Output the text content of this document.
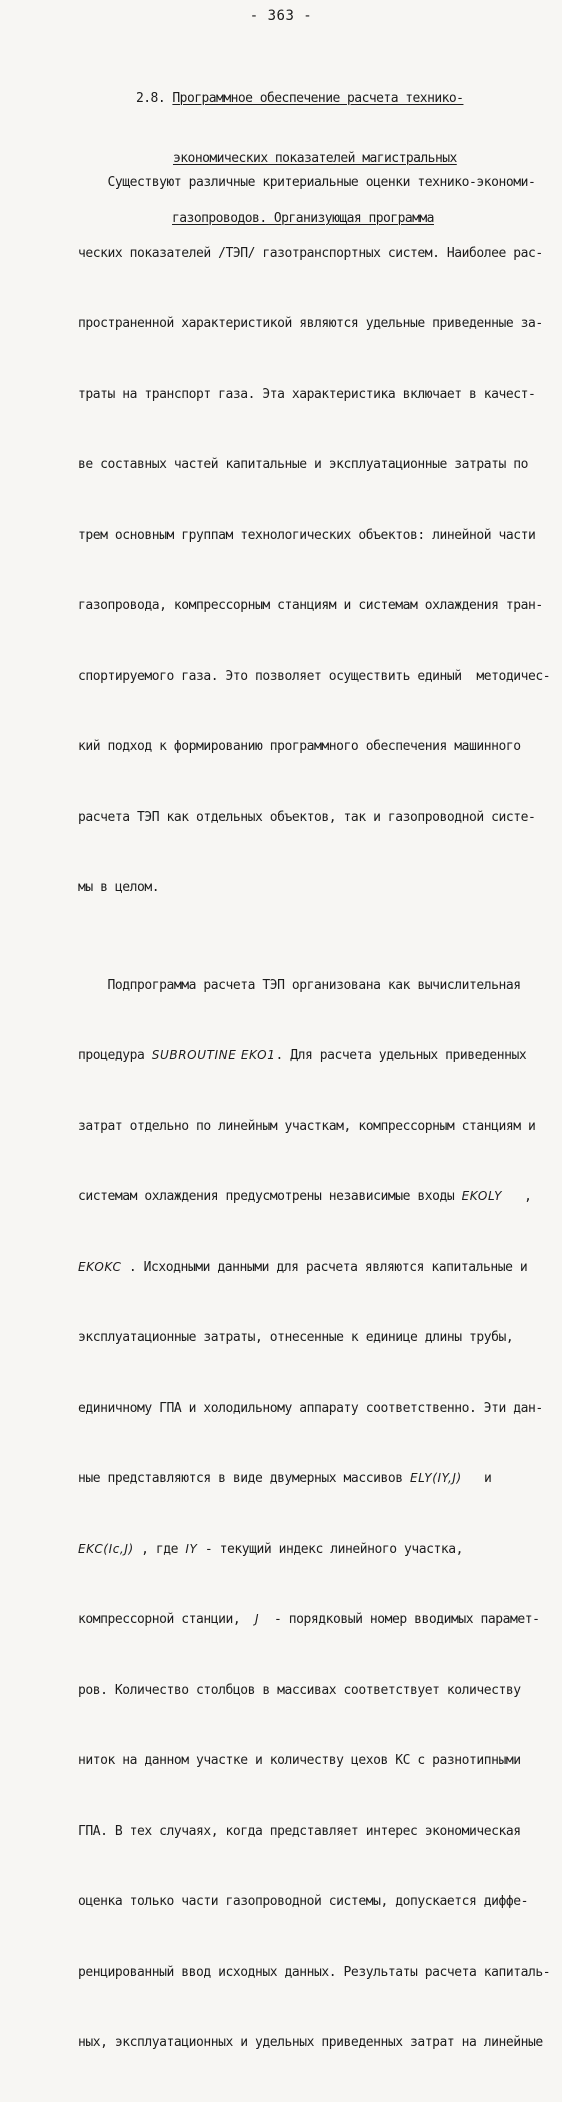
- 363 -

2.8. Программное обеспечение расчета технико-

экономических показателей магистральных

газопроводов. Организующая программа

Существуют различные критериальные оценки технико-экономи-

ческих показателей /ТЭП/ газотранспортных систем. Наиболее рас-

пространенной характеристикой являются удельные приведенные за-

траты на транспорт газа. Эта характеристика включает в качест-

ве составных частей капитальные и эксплуатационные затраты по

трем основным группам технологических объектов: линейной части

газопровода, компрессорным станциям и системам охлаждения тран-

спортируемого газа. Это позволяет осуществить единый  методичес-

кий подход к формированию программного обеспечения машинного

расчета ТЭП как отдельных объектов, так и газопроводной систе-

мы в целом.

Подпрограмма расчета ТЭП организована как вычислительная

процедура SUBROUTINE EKO1. Для расчета удельных приведенных

затрат отдельно по линейным участкам, компрессорным станциям и

системам охлаждения предусмотрены независимые входы EKOLY   ,

EKOKC . Исходными данными для расчета являются капитальные и

эксплуатационные затраты, отнесенные к единице длины трубы,

единичному ГПА и холодильному аппарату соответственно. Эти дан-

ные представляются в виде двумерных массивов ELY(IY,J)   и

EKC(Ic,J) , где IY - текущий индекс линейного участка,

компрессорной станции,  J  - порядковый номер вводимых парамет-

ров. Количество столбцов в массивах соответствует количеству

ниток на данном участке и количеству цехов КС с разнотипными

ГПА. В тех случаях, когда представляет интерес экономическая

оценка только части газопроводной системы, допускается диффе-

ренцированный ввод исходных данных. Результаты расчета капиталь-

ных, эксплуатационных и удельных приведенных затрат на линейные
